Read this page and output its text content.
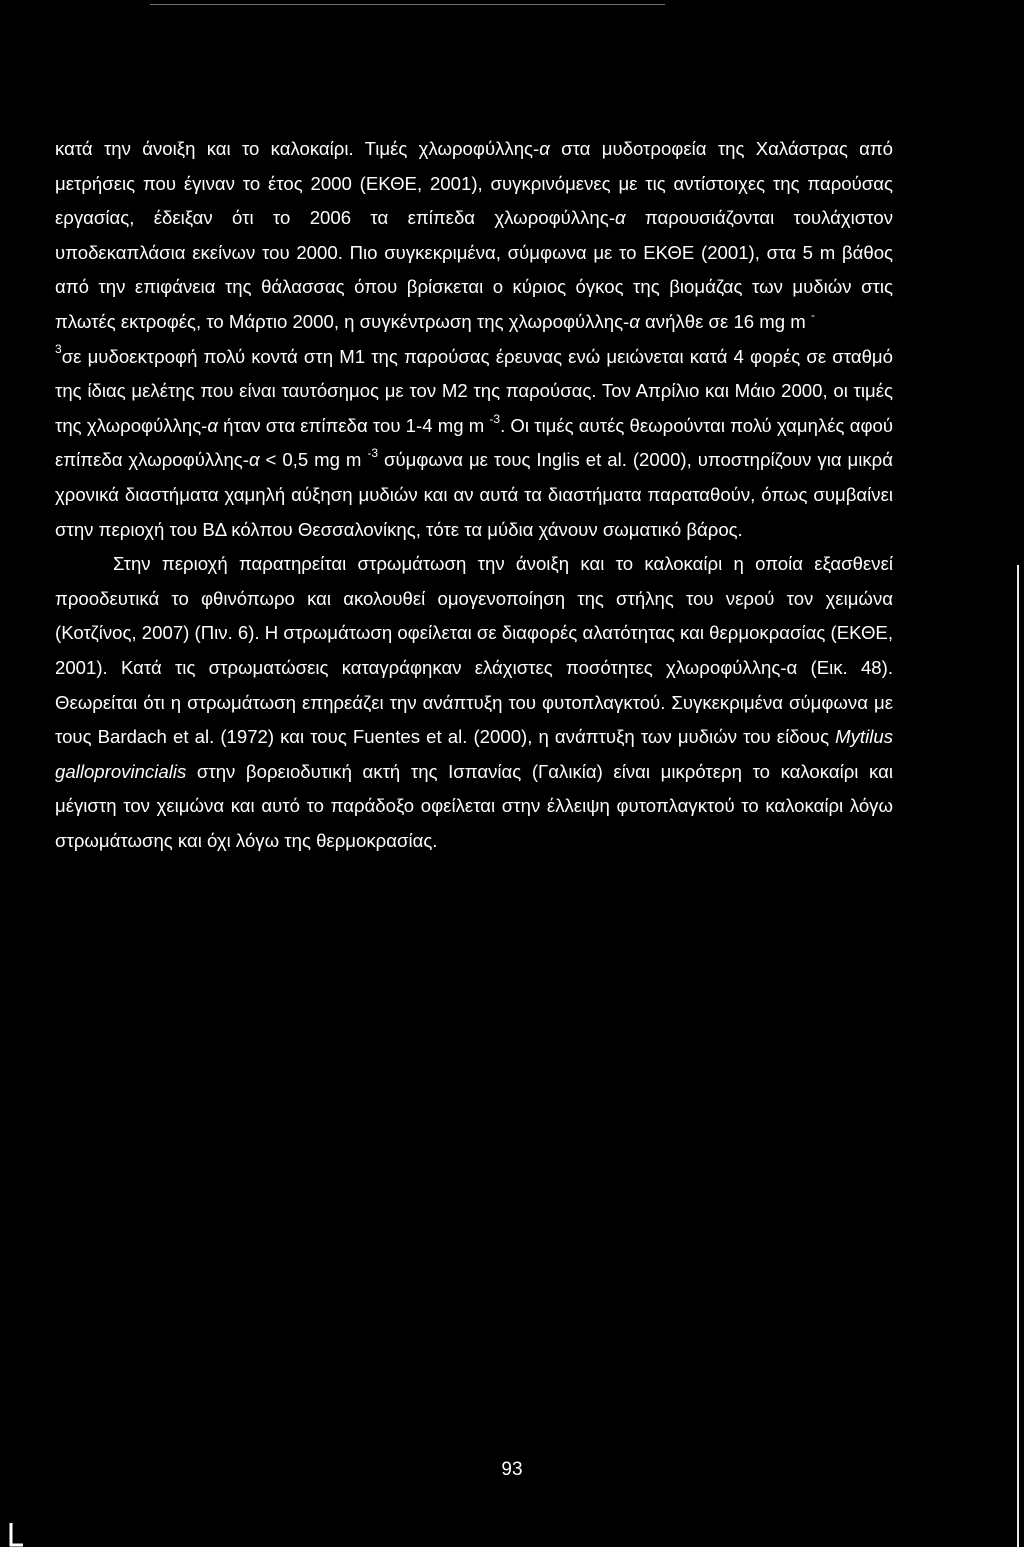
κατά την άνοιξη και το καλοκαίρι. Τιμές χλωροφύλλης-α στα μυδοτροφεία της Χαλάστρας από μετρήσεις που έγιναν το έτος 2000 (ΕΚΘΕ, 2001), συγκρινόμενες με τις αντίστοιχες της παρούσας εργασίας, έδειξαν ότι το 2006 τα επίπεδα χλωροφύλλης-α παρουσιάζονται τουλάχιστον υποδεκαπλάσια εκείνων του 2000. Πιο συγκεκριμένα, σύμφωνα με το ΕΚΘΕ (2001), στα 5 m βάθος από την επιφάνεια της θάλασσας όπου βρίσκεται ο κύριος όγκος της βιομάζας των μυδιών στις πλωτές εκτροφές, το Μάρτιο 2000, η συγκέντρωση της χλωροφύλλης-α ανήλθε σε 16 mg m -
$^3$σε μυδοεκτροφή πολύ κοντά στη Μ1 της παρούσας έρευνας ενώ μειώνεται κατά 4 φορές σε σταθμό της ίδιας μελέτης που είναι ταυτόσημος με τον Μ2 της παρούσας. Τον Απρίλιο και Μάιο 2000, οι τιμές της χλωροφύλλης-α ήταν στα επίπεδα του 1-4 mg m $^{-3}$. Οι τιμές αυτές θεωρούνται πολύ χαμηλές αφού επίπεδα χλωροφύλλης-α < 0,5 mg m $^{-3}$ σύμφωνα με τους Inglis et al. (2000), υποστηρίζουν για μικρά χρονικά διαστήματα χαμηλή αύξηση μυδιών και αν αυτά τα διαστήματα παραταθούν, όπως συμβαίνει στην περιοχή του ΒΔ κόλπου Θεσσαλονίκης, τότε τα μύδια χάνουν σωματικό βάρος.

Στην περιοχή παρατηρείται στρωμάτωση την άνοιξη και το καλοκαίρι η οποία εξασθενεί προοδευτικά το φθινόπωρο και ακολουθεί ομογενοποίηση της στήλης του νερού τον χειμώνα (Κοτζίνος, 2007) (Πιν. 6). Η στρωμάτωση οφείλεται σε διαφορές αλατότητας και θερμοκρασίας (ΕΚΘΕ, 2001). Κατά τις στρωματώσεις καταγράφηκαν ελάχιστες ποσότητες χλωροφύλλης-α (Εικ. 48). Θεωρείται ότι η στρωμάτωση επηρεάζει την ανάπτυξη του φυτοπλαγκτού. Συγκεκριμένα σύμφωνα με τους Bardach et al. (1972) και τους Fuentes et al. (2000), η ανάπτυξη των μυδιών του είδους Mytilus galloprovincialis στην βορειοδυτική ακτή της Ισπανίας (Γαλικία) είναι μικρότερη το καλοκαίρι και μέγιστη τον χειμώνα και αυτό το παράδοξο οφείλεται στην έλλειψη φυτοπλαγκτού το καλοκαίρι λόγω στρωμάτωσης και όχι λόγω της θερμοκρασίας.

93
